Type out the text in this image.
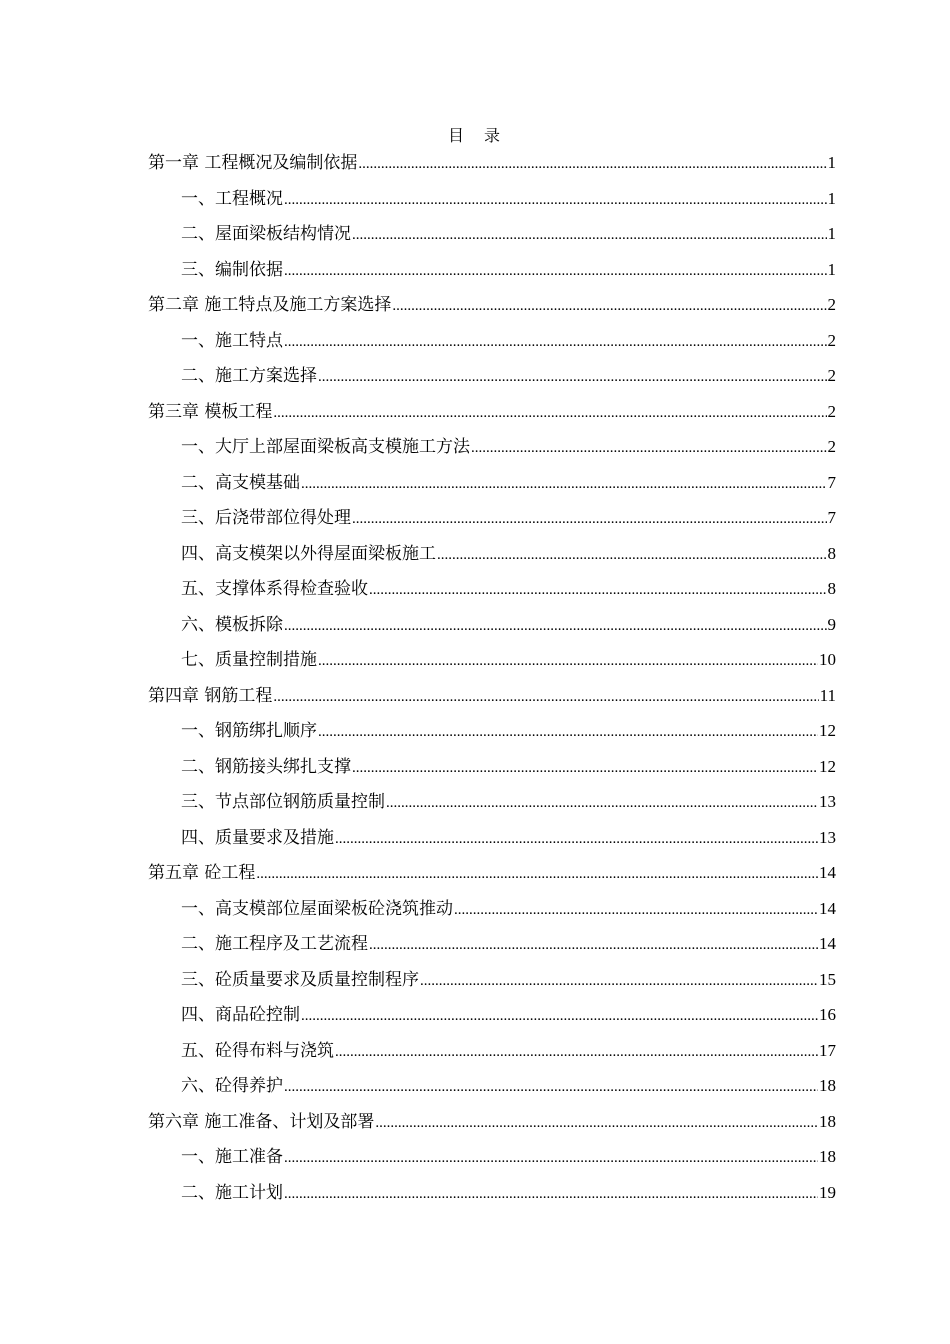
目　录
第一章 工程概况及编制依据 .....	1
一、工程概况 .....	1
二、屋面梁板结构情况 .....	1
三、编制依据 .....	1
第二章 施工特点及施工方案选择 .....	2
一、施工特点 .....	2
二、施工方案选择 .....	2
第三章 模板工程 .....	2
一、大厅上部屋面梁板高支模施工方法 .....	2
二、高支模基础 .....	7
三、后浇带部位得处理 .....	7
四、高支模架以外得屋面梁板施工 .....	8
五、支撑体系得检查验收 .....	8
六、模板拆除 .....	9
七、质量控制措施 .....	10
第四章 钢筋工程 .....	11
一、钢筋绑扎顺序 .....	12
二、钢筋接头绑扎支撑 .....	12
三、节点部位钢筋质量控制 .....	13
四、质量要求及措施 .....	13
第五章 砼工程 .....	14
一、高支模部位屋面梁板砼浇筑推动 .....	14
二、施工程序及工艺流程 .....	14
三、砼质量要求及质量控制程序 .....	15
四、商品砼控制 .....	16
五、砼得布料与浇筑 .....	17
六、砼得养护 .....	18
第六章 施工准备、计划及部署 .....	18
一、施工准备 .....	18
二、施工计划 .....	19
